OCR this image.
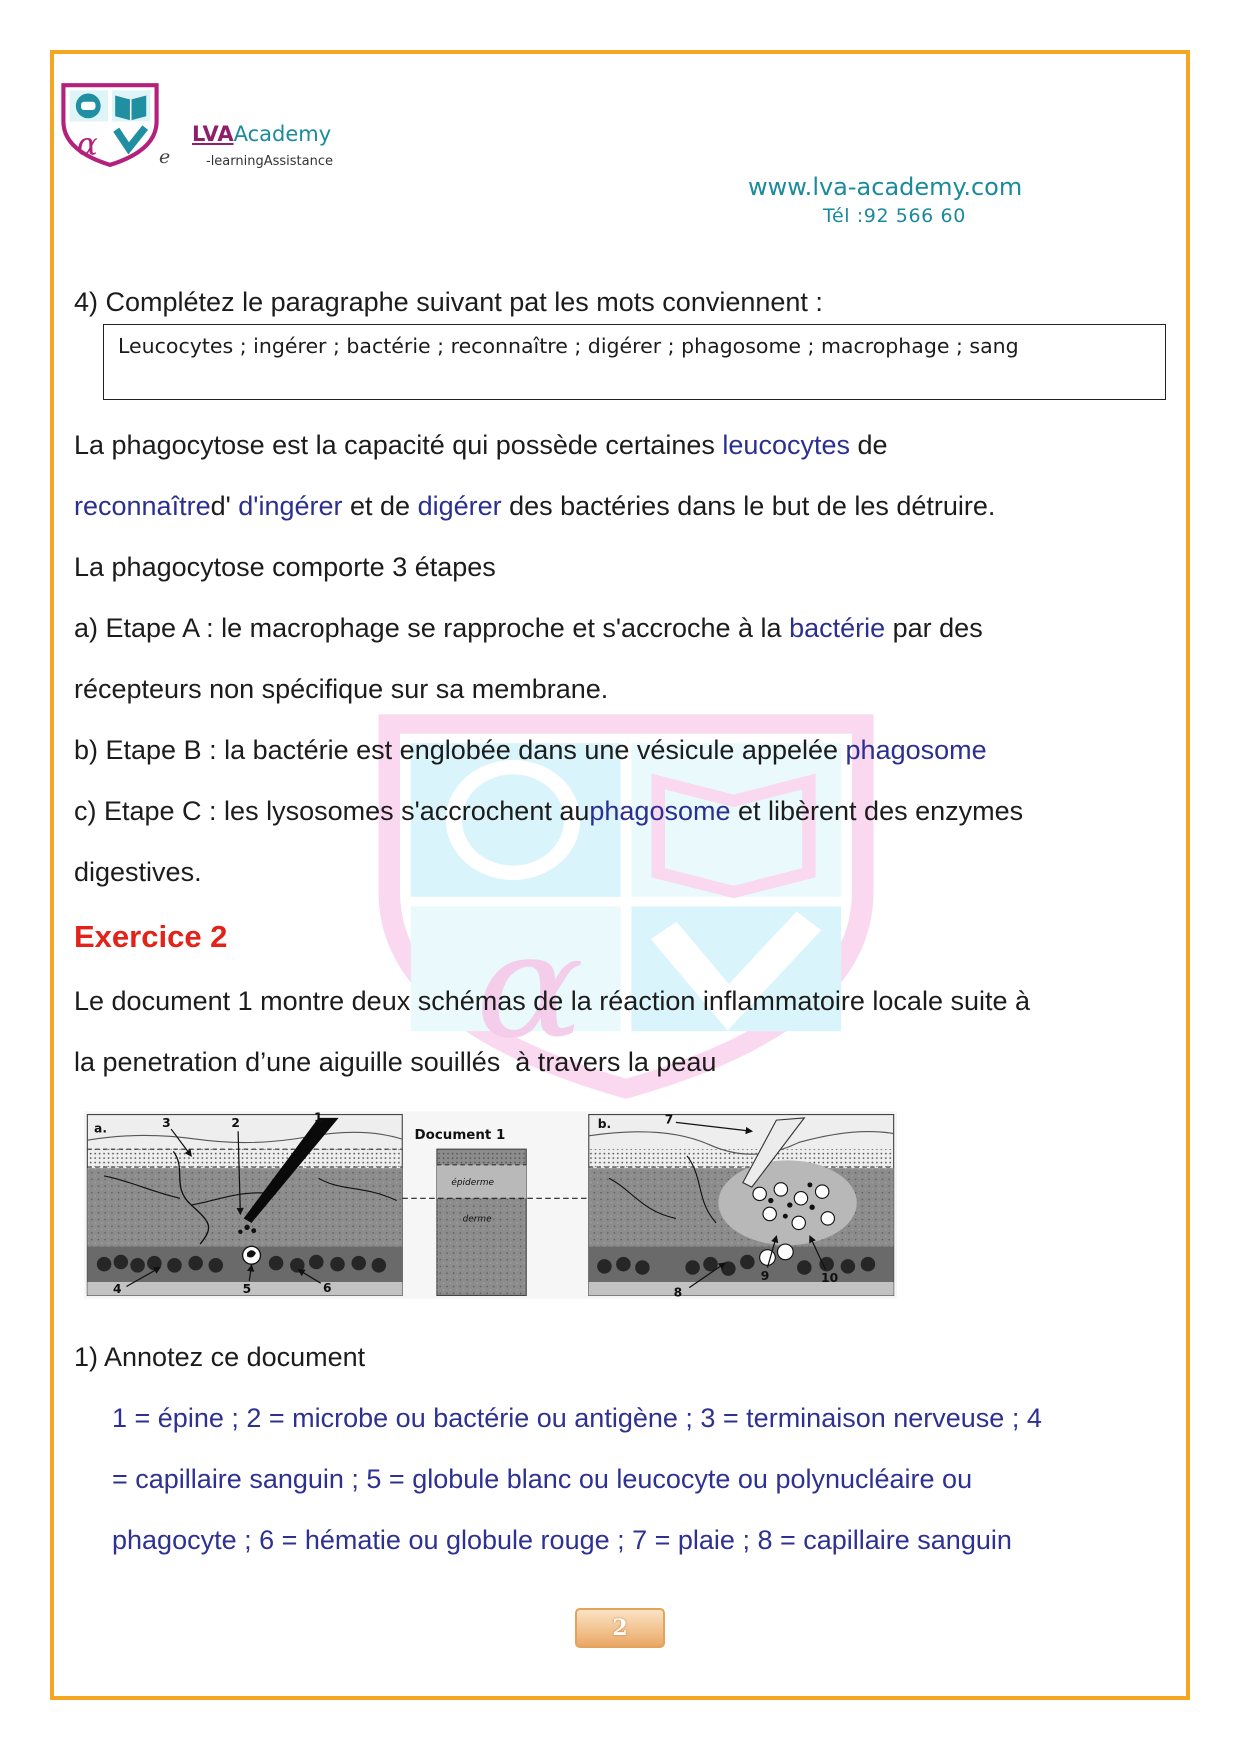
α
α	LVAAcademy
e	-learningAssistance
www.lva-academy.com
Tél :92 566 60
4) Complétez le paragraphe suivant pat les mots conviennent :
Leucocytes ; ingérer ; bactérie ; reconnaître ; digérer ; phagosome ; macrophage ; sang
La phagocytose est la capacité qui possède certaines leucocytes de
reconnaîtred' d'ingérer et de digérer des bactéries dans le but de les détruire.
La phagocytose comporte 3 étapes
a) Etape A : le macrophage se rapproche et s'accroche à la bactérie par des
récepteurs non spécifique sur sa membrane.
b) Etape B : la bactérie est englobée dans une vésicule appelée phagosome
c) Etape C : les lysosomes s'accrochent auphagosome et libèrent des enzymes
digestives.
Exercice 2
Le document 1 montre deux schémas de la réaction inflammatoire locale suite à
la penetration d’une aiguille souillés  à travers la peau
a.	3	2	1
4	5	6
Document 1
b.	7
8
9	10
épiderme
derme
1) Annotez ce document
1 = épine ; 2 = microbe ou bactérie ou antigène ; 3 = terminaison nerveuse ; 4
= capillaire sanguin ; 5 = globule blanc ou leucocyte ou polynucléaire ou
phagocyte ; 6 = hématie ou globule rouge ; 7 = plaie ; 8 = capillaire sanguin
2
